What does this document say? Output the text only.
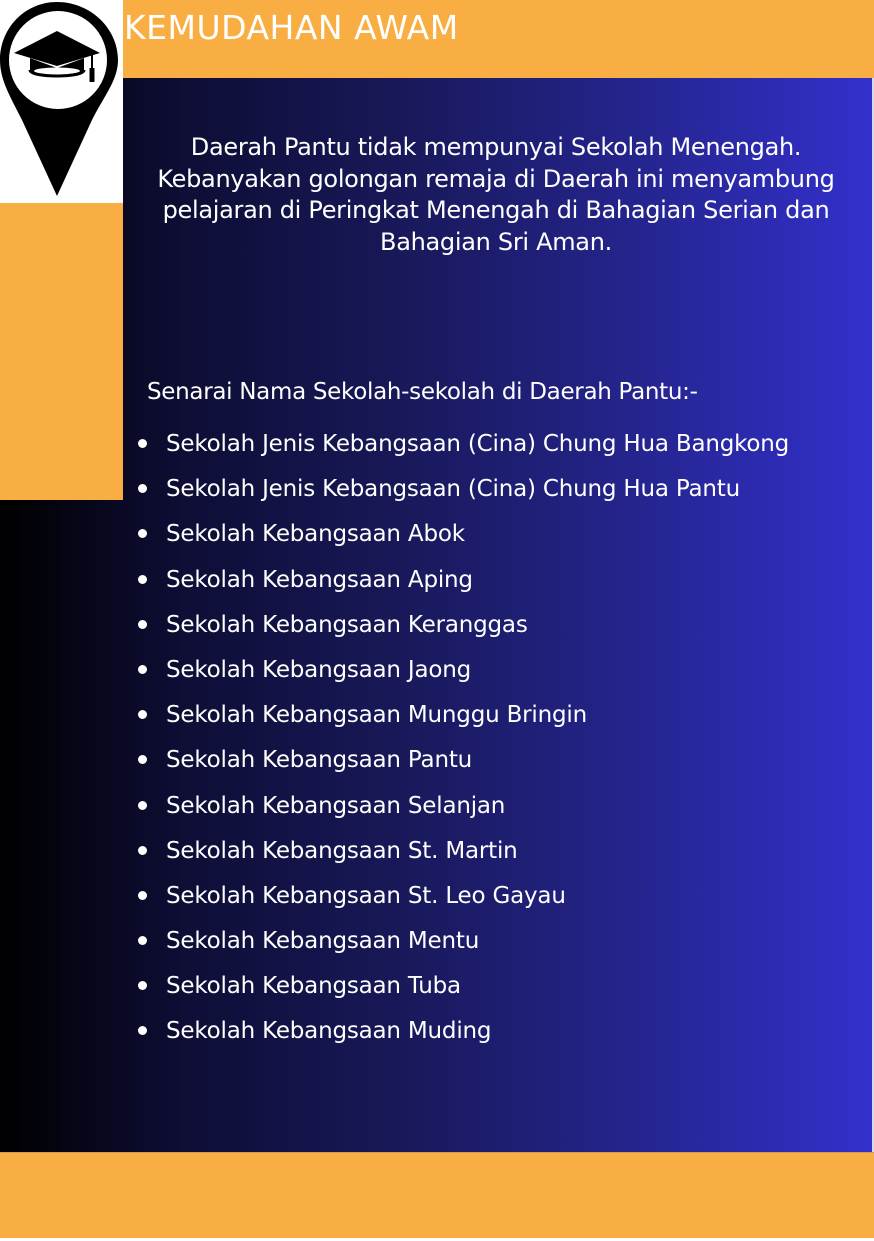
KEMUDAHAN AWAM
Daerah Pantu tidak mempunyai Sekolah Menengah. Kebanyakan golongan remaja di Daerah ini menyambung pelajaran di Peringkat Menengah di Bahagian Serian dan Bahagian Sri Aman.
Senarai Nama Sekolah-sekolah di Daerah Pantu:-
Sekolah Jenis Kebangsaan (Cina) Chung Hua Bangkong
Sekolah Jenis Kebangsaan (Cina) Chung Hua Pantu
Sekolah Kebangsaan Abok
Sekolah Kebangsaan Aping
Sekolah Kebangsaan Keranggas
Sekolah Kebangsaan Jaong
Sekolah Kebangsaan Munggu Bringin
Sekolah Kebangsaan Pantu
Sekolah Kebangsaan Selanjan
Sekolah Kebangsaan St. Martin
Sekolah Kebangsaan St. Leo Gayau
Sekolah Kebangsaan Mentu
Sekolah Kebangsaan Tuba
Sekolah Kebangsaan Muding
